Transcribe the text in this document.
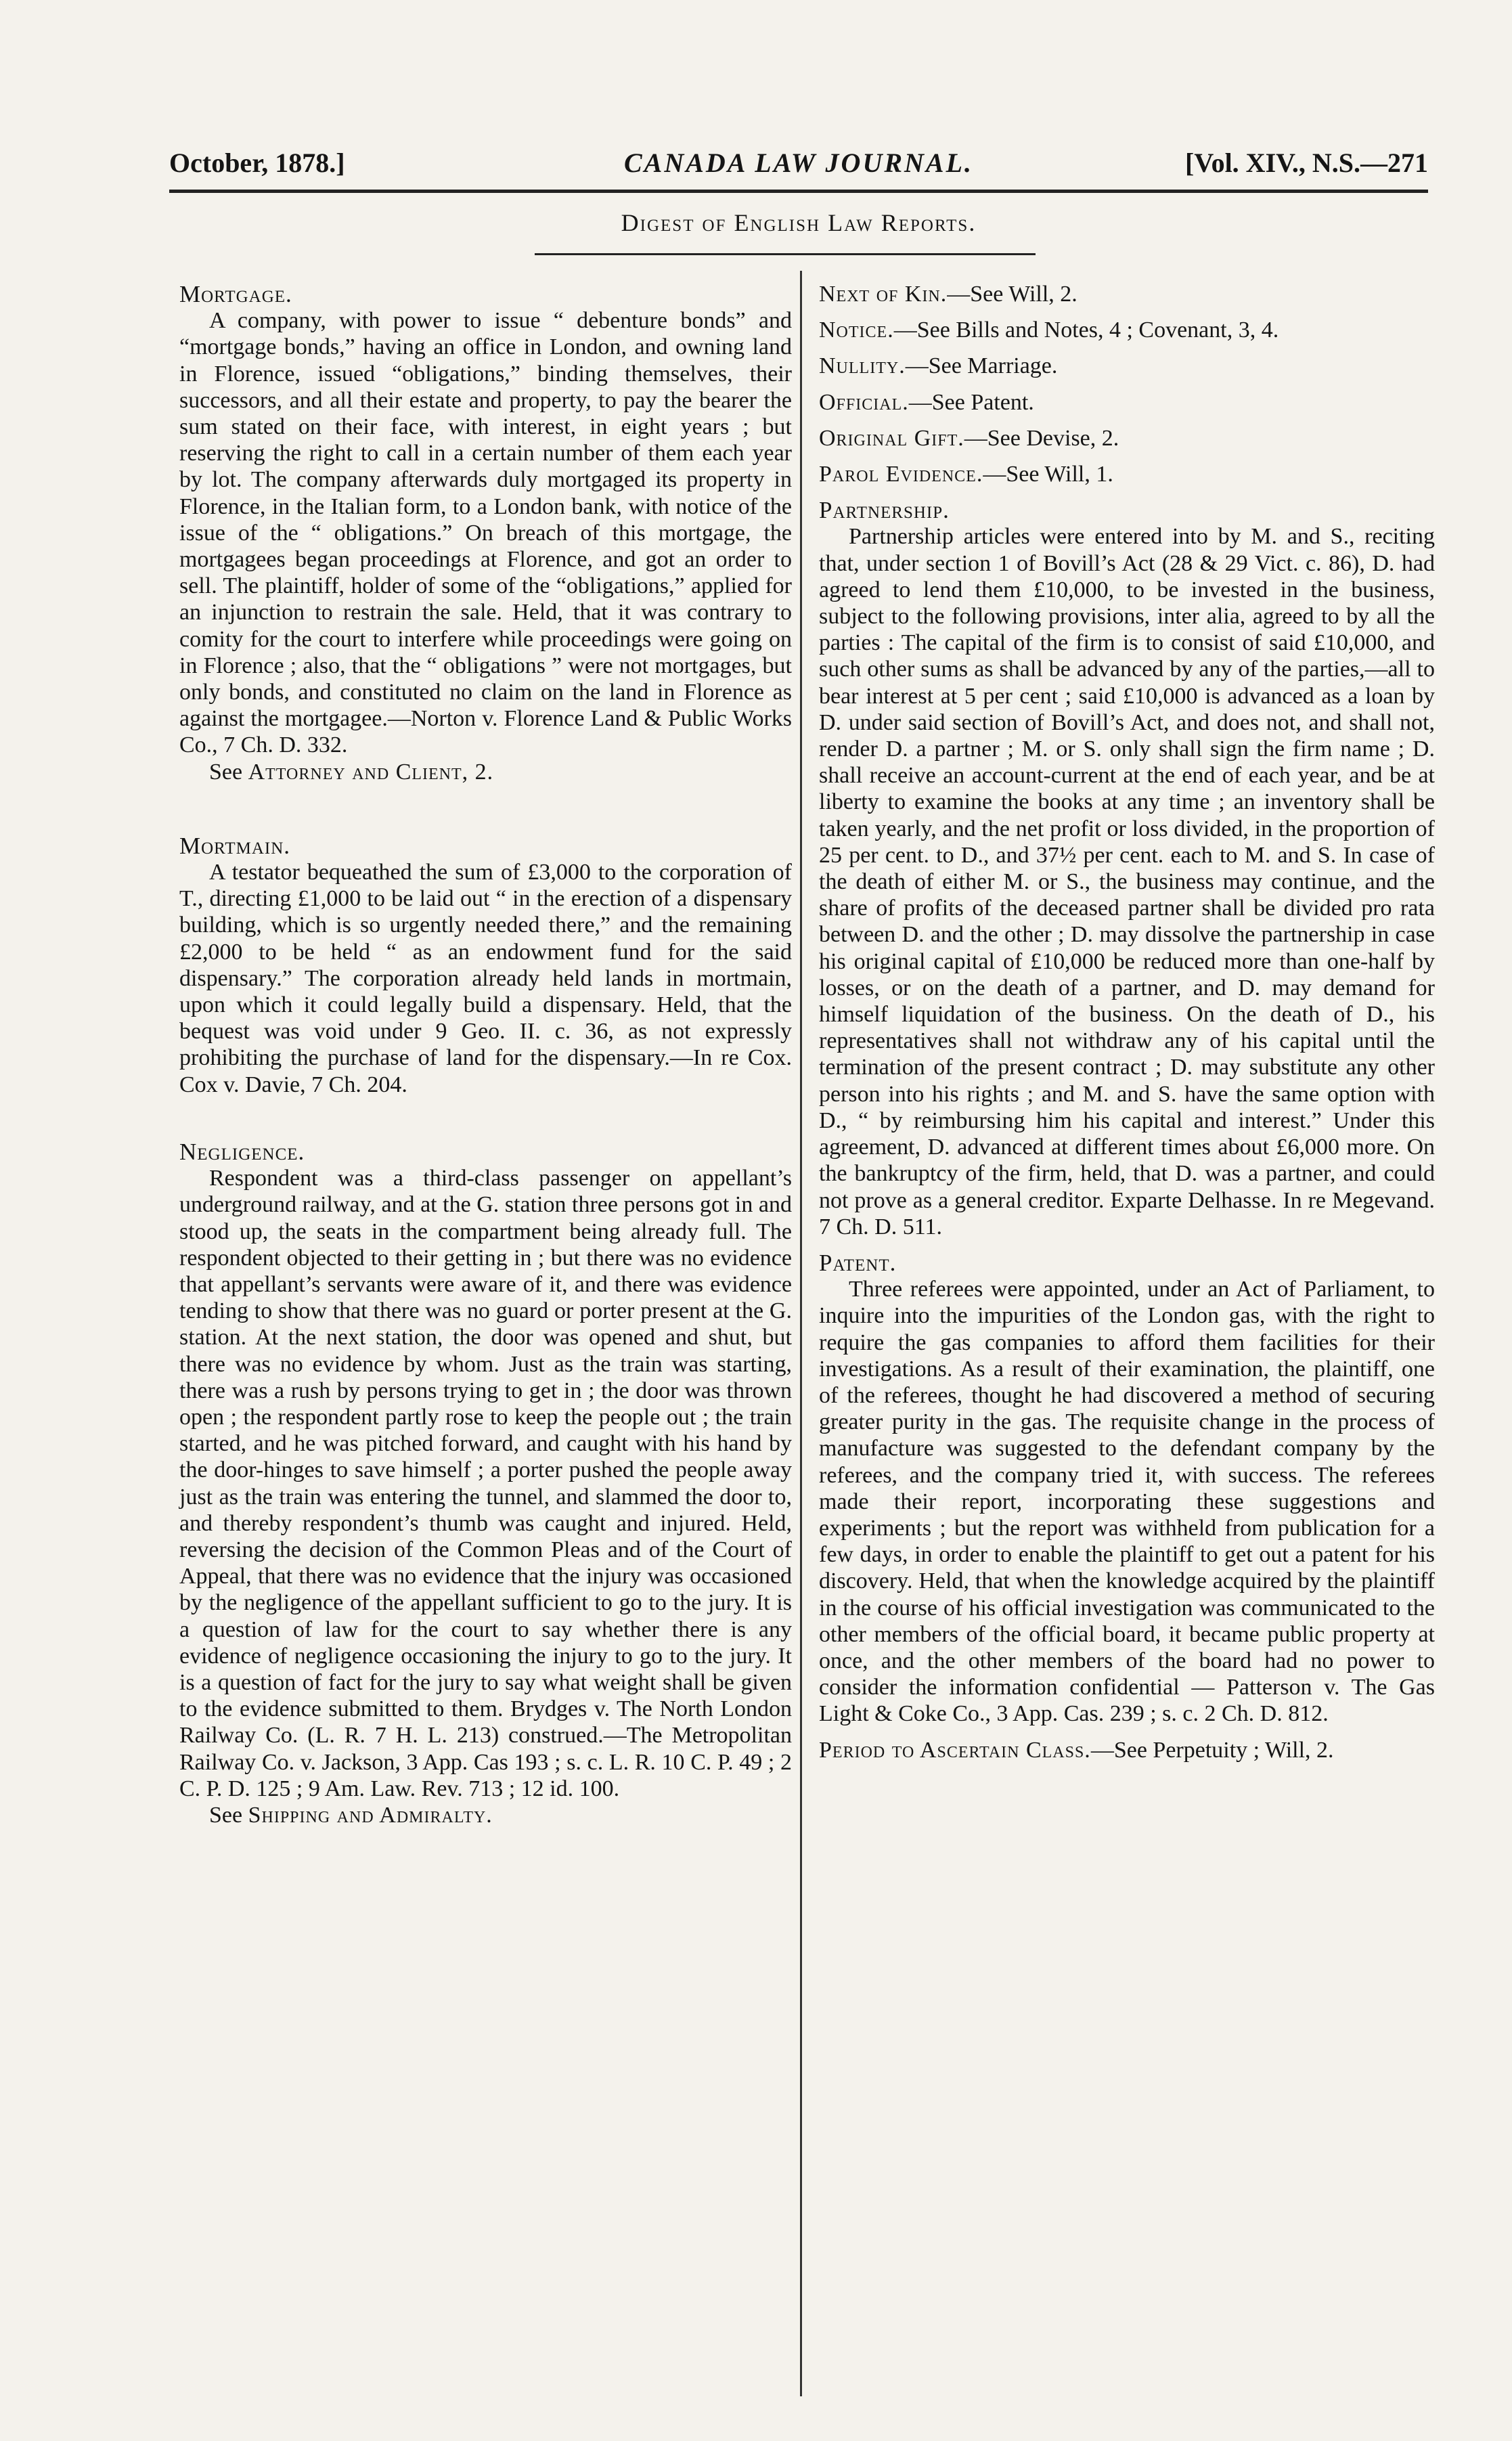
October, 1878.]	CANADA LAW JOURNAL.	[Vol. XIV., N.S.—271
Digest of English Law Reports.
Mortgage.

A company, with power to issue “ debenture bonds” and “mortgage bonds,” having an office in London, and owning land in Florence, issued “obligations,” binding themselves, their successors, and all their estate and property, to pay the bearer the sum stated on their face, with interest, in eight years ; but reserving the right to call in a certain number of them each year by lot. The company afterwards duly mortgaged its property in Florence, in the Italian form, to a London bank, with notice of the issue of the “ obligations.” On breach of this mortgage, the mortgagees began proceedings at Florence, and got an order to sell. The plaintiff, holder of some of the “obligations,” applied for an injunction to restrain the sale. Held, that it was contrary to comity for the court to interfere while proceedings were going on in Florence ; also, that the “ obligations ” were not mortgages, but only bonds, and constituted no claim on the land in Florence as against the mortgagee.—Norton v. Florence Land & Public Works Co., 7 Ch. D. 332.

See Attorney and Client, 2.
Mortmain.

A testator bequeathed the sum of £3,000 to the corporation of T., directing £1,000 to be laid out “ in the erection of a dispensary building, which is so urgently needed there,” and the remaining £2,000 to be held “ as an endowment fund for the said dispensary.” The corporation already held lands in mortmain, upon which it could legally build a dispensary. Held, that the bequest was void under 9 Geo. II. c. 36, as not expressly prohibiting the purchase of land for the dispensary.—In re Cox. Cox v. Davie, 7 Ch. 204.

Negligence.

Respondent was a third-class passenger on appellant’s underground railway, and at the G. station three persons got in and stood up, the seats in the compartment being already full. The respondent objected to their getting in ; but there was no evidence that appellant’s servants were aware of it, and there was evidence tending to show that there was no guard or porter present at the G. station. At the next station, the door was opened and shut, but there was no evidence by whom. Just as the train was starting, there was a rush by persons trying to get in ; the door was thrown open ; the respondent partly rose to keep the people out ; the train started, and he was pitched forward, and caught with his hand by the door-hinges to save himself ; a porter pushed the people away just as the train was entering the tunnel, and slammed the door to, and thereby respondent’s thumb was caught and injured. Held, reversing the decision of the Common Pleas and of the Court of Appeal, that there was no evidence that the injury was occasioned by the negligence of the appellant sufficient to go to the jury. It is a question of law for the court to say whether there is any evidence of negligence occasioning the injury to go to the jury. It is a question of fact for the jury to say what weight shall be given to the evidence submitted to them. Brydges v. The North London Railway Co. (L. R. 7 H. L. 213) construed.—The Metropolitan Railway Co. v. Jackson, 3 App. Cas 193 ; s. c. L. R. 10 C. P. 49 ; 2 C. P. D. 125 ; 9 Am. Law. Rev. 713 ; 12 id. 100.

See Shipping and Admiralty.
Next of Kin.—See Will, 2.
Notice.—See Bills and Notes, 4 ; Covenant, 3, 4.
Nullity.—See Marriage.
Official.—See Patent.
Original Gift.—See Devise, 2.
Parol Evidence.—See Will, 1.
Partnership.

Partnership articles were entered into by M. and S., reciting that, under section 1 of Bovill’s Act (28 & 29 Vict. c. 86), D. had agreed to lend them £10,000, to be invested in the business, subject to the following provisions, inter alia, agreed to by all the parties : The capital of the firm is to consist of said £10,000, and such other sums as shall be advanced by any of the parties,—all to bear interest at 5 per cent ; said £10,000 is advanced as a loan by D. under said section of Bovill’s Act, and does not, and shall not, render D. a partner ; M. or S. only shall sign the firm name ; D. shall receive an account-current at the end of each year, and be at liberty to examine the books at any time ; an inventory shall be taken yearly, and the net profit or loss divided, in the proportion of 25 per cent. to D., and 37½ per cent. each to M. and S. In case of the death of either M. or S., the business may continue, and the share of profits of the deceased partner shall be divided pro rata between D. and the other ; D. may dissolve the partnership in case his original capital of £10,000 be reduced more than one-half by losses, or on the death of a partner, and D. may demand for himself liquidation of the business. On the death of D., his representatives shall not withdraw any of his capital until the termination of the present contract ; D. may substitute any other person into his rights ; and M. and S. have the same option with D., “ by reimbursing him his capital and interest.” Under this agreement, D. advanced at different times about £6,000 more. On the bankruptcy of the firm, held, that D. was a partner, and could not prove as a general creditor. Exparte Delhasse. In re Megevand. 7 Ch. D. 511.

Patent.

Three referees were appointed, under an Act of Parliament, to inquire into the impurities of the London gas, with the right to require the gas companies to afford them facilities for their investigations. As a result of their examination, the plaintiff, one of the referees, thought he had discovered a method of securing greater purity in the gas. The requisite change in the process of manufacture was suggested to the defendant company by the referees, and the company tried it, with success. The referees made their report, incorporating these suggestions and experiments ; but the report was withheld from publication for a few days, in order to enable the plaintiff to get out a patent for his discovery. Held, that when the knowledge acquired by the plaintiff in the course of his official investigation was communicated to the other members of the official board, it became public property at once, and the other members of the board had no power to consider the information confidential — Patterson v. The Gas Light & Coke Co., 3 App. Cas. 239 ; s. c. 2 Ch. D. 812.

Period to Ascertain Class.—See Perpetuity ; Will, 2.
